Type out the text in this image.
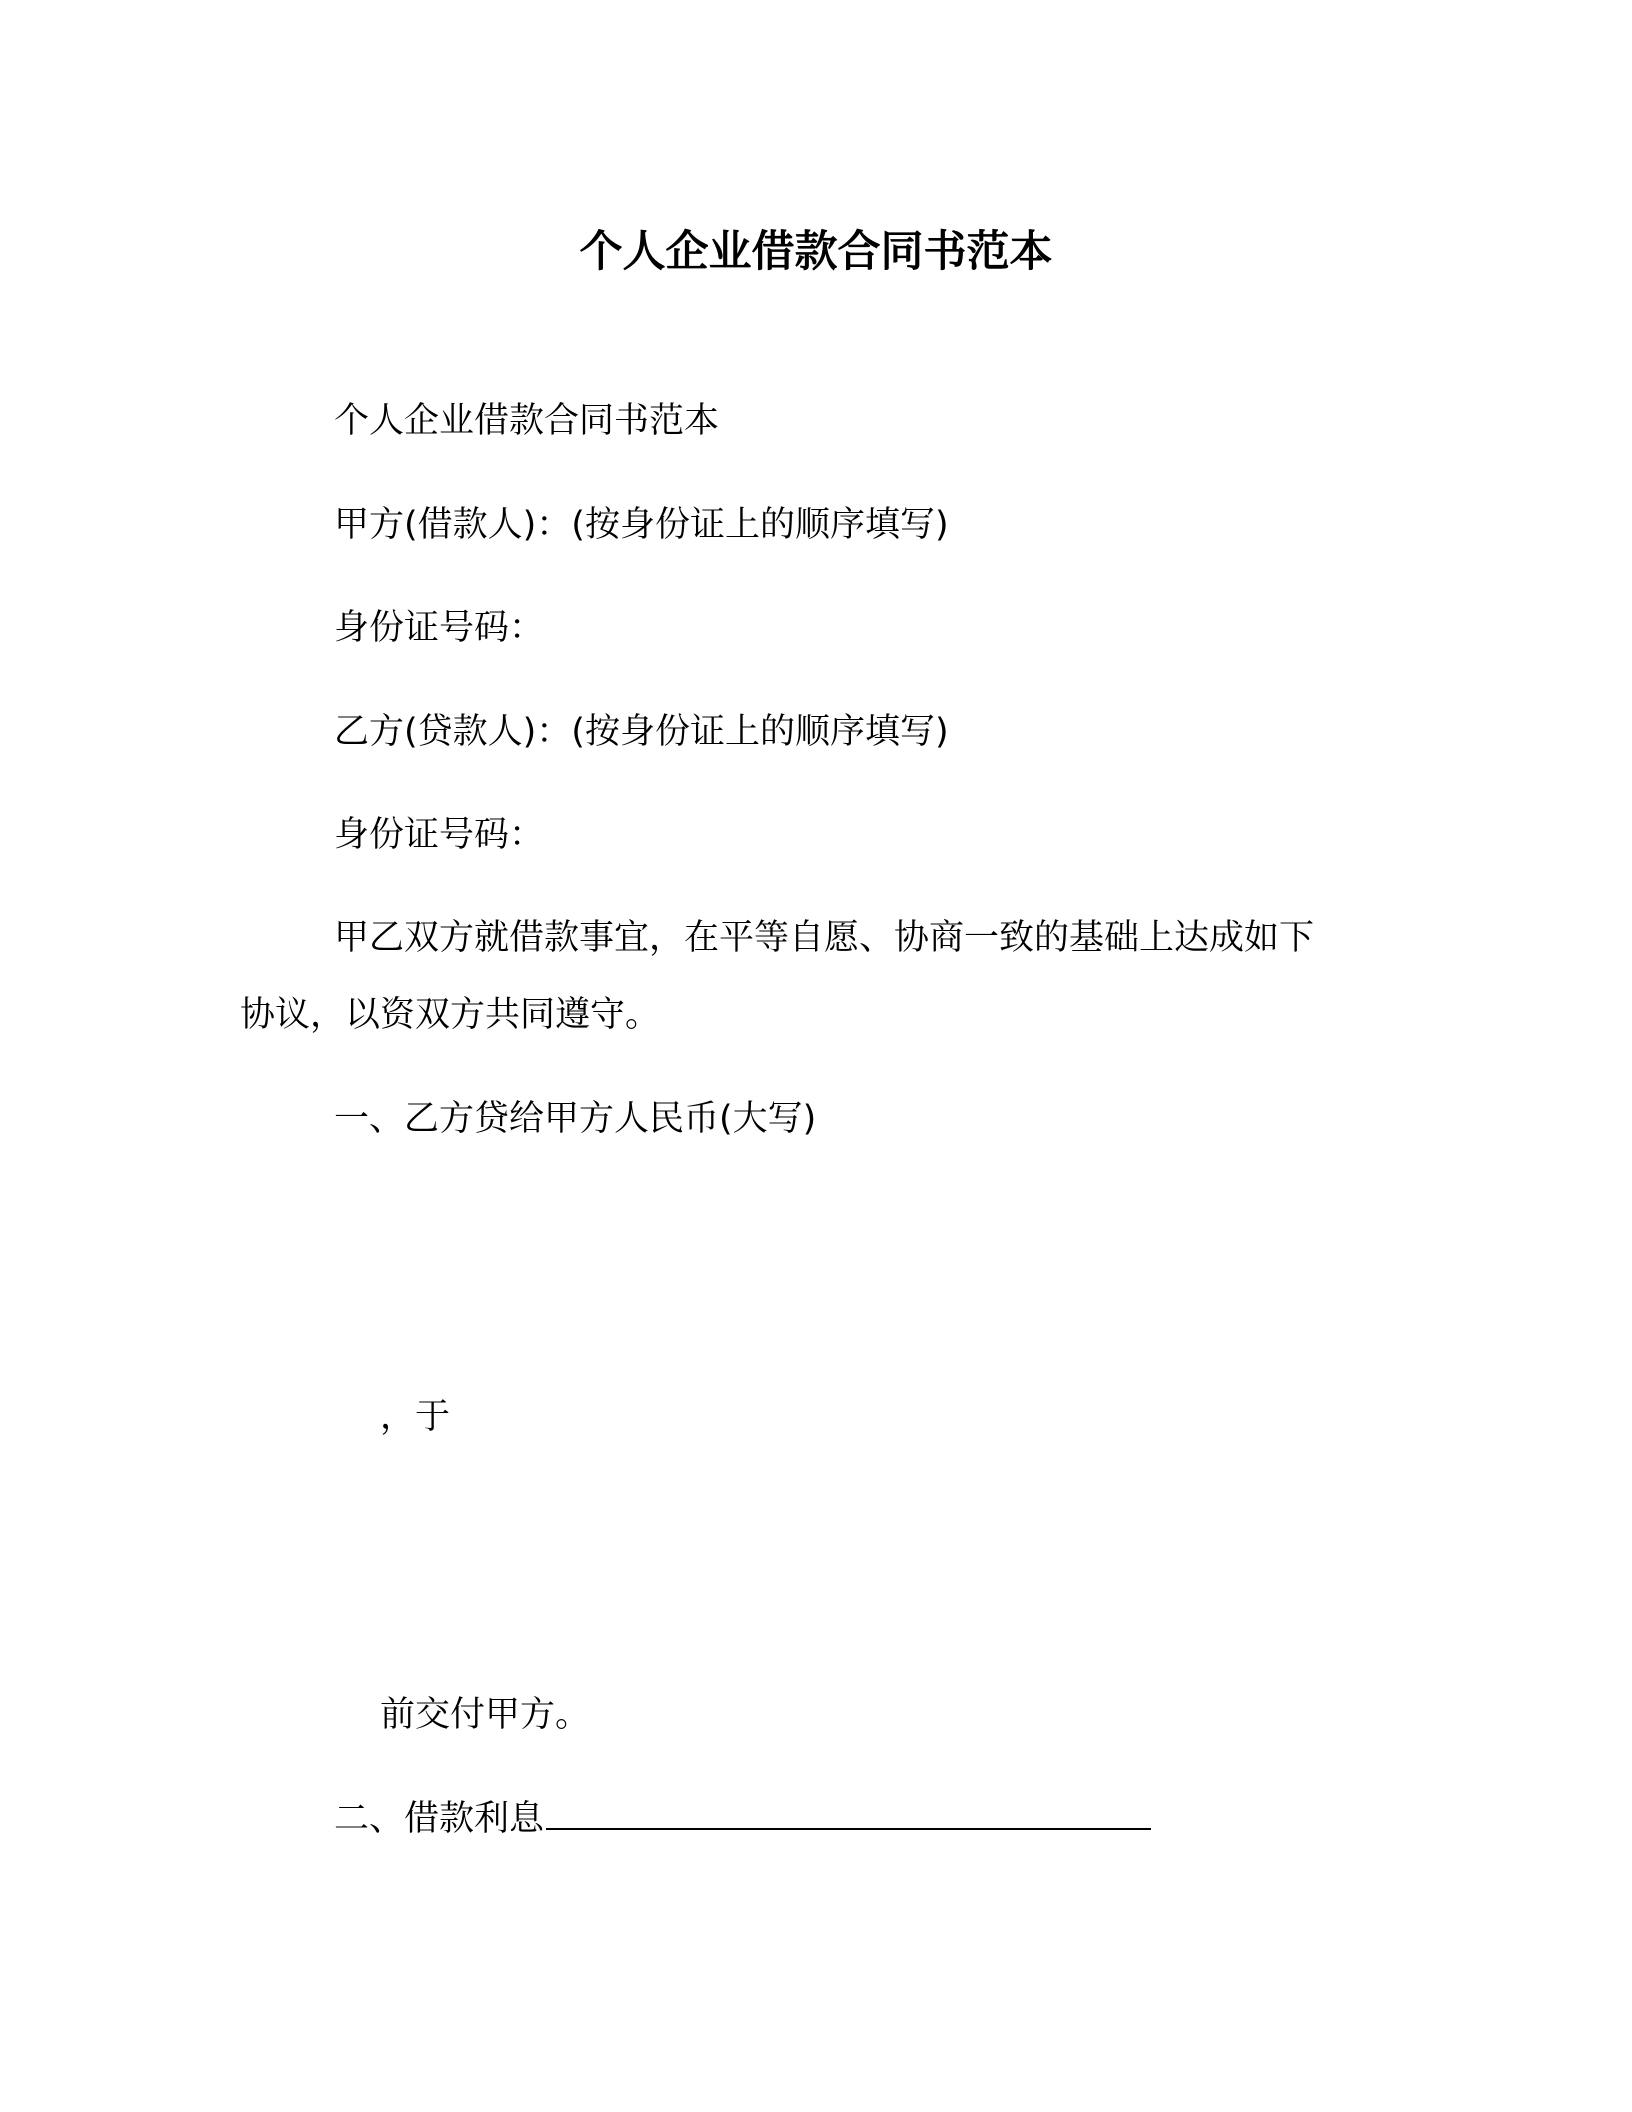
个人企业借款合同书范本
个人企业借款合同书范本
甲方(借款人)：(按身份证上的顺序填写)
身份证号码：
乙方(贷款人)：(按身份证上的顺序填写)
身份证号码：
甲乙双方就借款事宜，在平等自愿、协商一致的基础上达成如下
协议，以资双方共同遵守。
一、乙方贷给甲方人民币(大写)
，于
前交付甲方。
二、借款利息
